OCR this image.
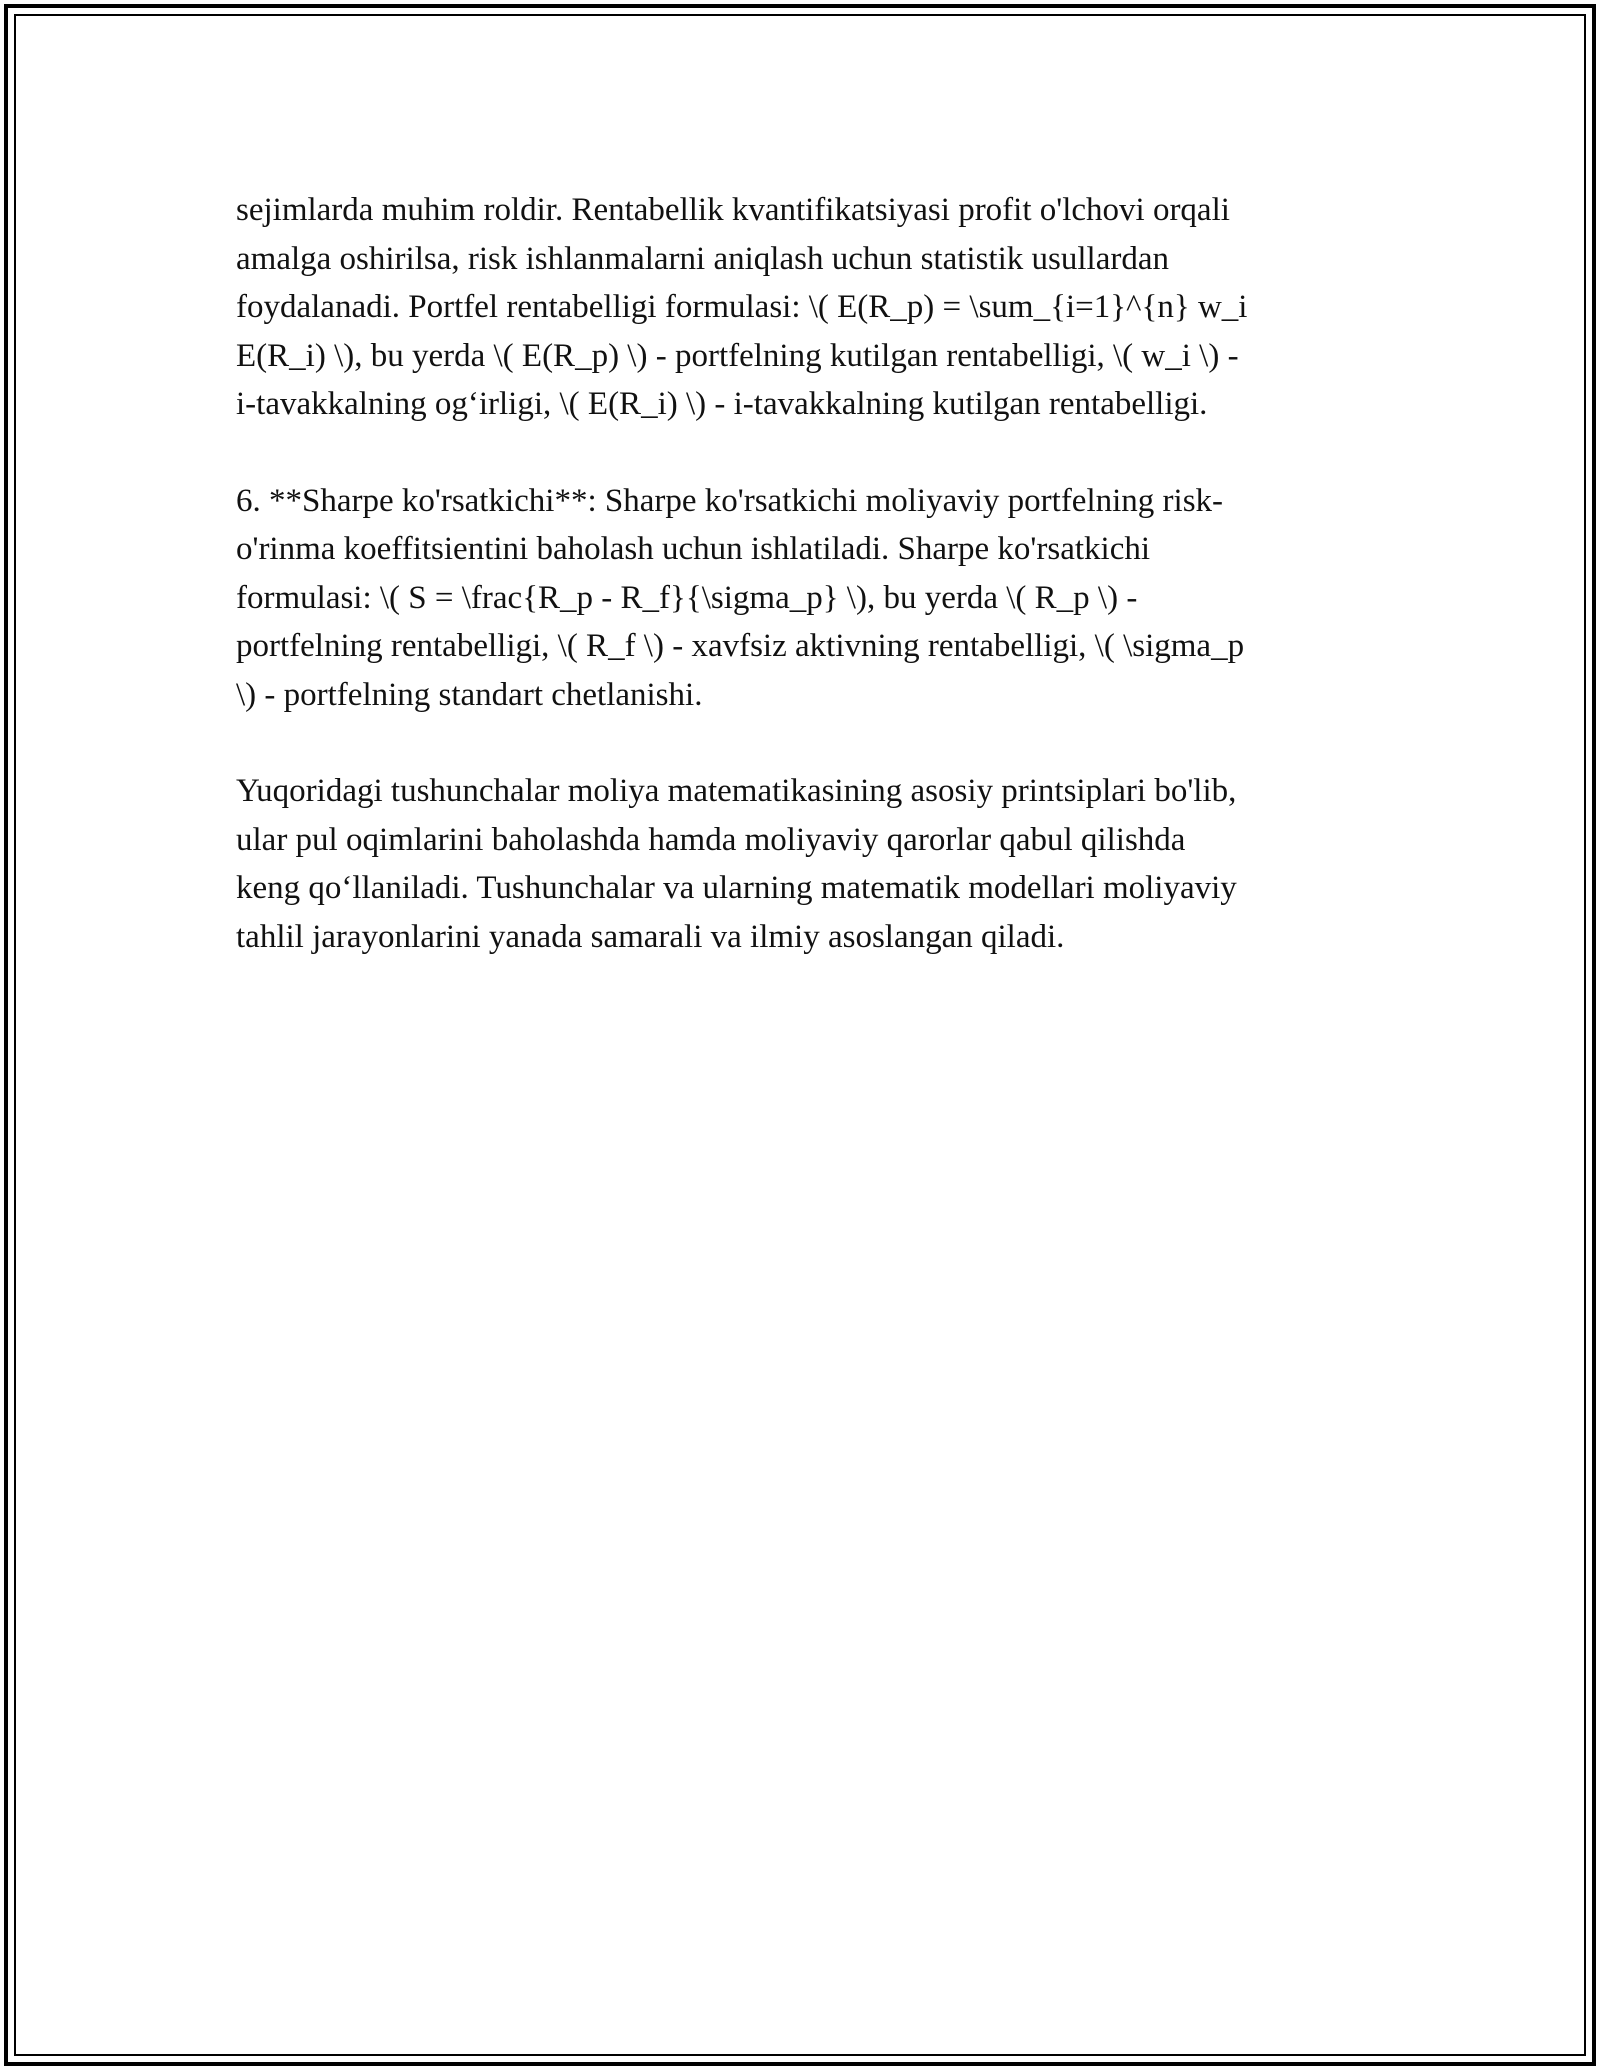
sejimlarda muhim roldir. Rentabellik kvantifikatsiyasi profit o'lchovi orqali
amalga oshirilsa, risk ishlanmalarni aniqlash uchun statistik usullardan
foydalanadi. Portfel rentabelligi formulasi: \( E(R_p) = \sum_{i=1}^{n} w_i
E(R_i) \), bu yerda \( E(R_p) \) - portfelning kutilgan rentabelligi, \( w_i \) -
i-tavakkalning og‘irligi, \( E(R_i) \) - i-tavakkalning kutilgan rentabelligi.

6. **Sharpe ko'rsatkichi**: Sharpe ko'rsatkichi moliyaviy portfelning risk-
o'rinma koeffitsientini baholash uchun ishlatiladi. Sharpe ko'rsatkichi
formulasi: \( S = \frac{R_p - R_f}{\sigma_p} \), bu yerda \( R_p \) -
portfelning rentabelligi, \( R_f \) - xavfsiz aktivning rentabelligi, \( \sigma_p
\) - portfelning standart chetlanishi.

Yuqoridagi tushunchalar moliya matematikasining asosiy printsiplari bo'lib,
ular pul oqimlarini baholashda hamda moliyaviy qarorlar qabul qilishda
keng qo‘llaniladi. Tushunchalar va ularning matematik modellari moliyaviy
tahlil jarayonlarini yanada samarali va ilmiy asoslangan qiladi.
